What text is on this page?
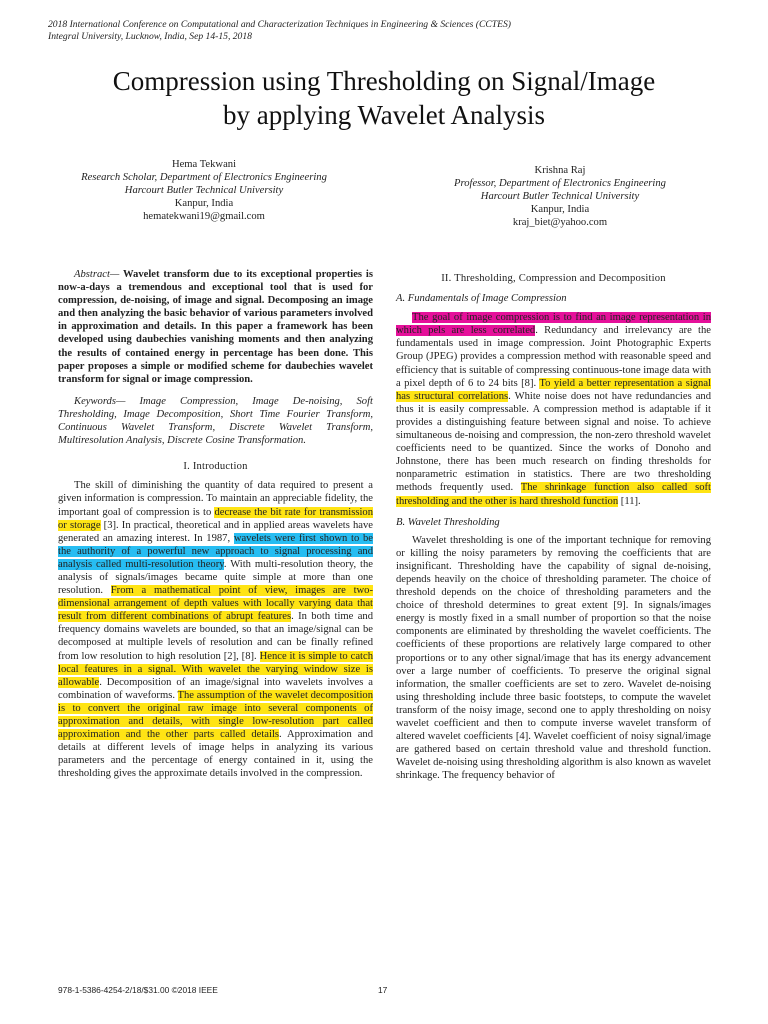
2018 International Conference on Computational and Characterization Techniques in Engineering & Sciences (CCTES)
Integral University, Lucknow, India, Sep 14-15, 2018
Compression using Thresholding on Signal/Image
by applying Wavelet Analysis
Hema Tekwani
Research Scholar, Department of Electronics Engineering
Harcourt Butler Technical University
Kanpur, India
hematekwani19@gmail.com
Krishna Raj
Professor, Department of Electronics Engineering
Harcourt Butler Technical University
Kanpur, India
kraj_biet@yahoo.com

Abstract— Wavelet transform due to its exceptional properties is now-a-days a tremendous and exceptional tool that is used for compression, de-noising, of image and signal. Decomposing an image and then analyzing the basic behavior of various parameters involved in approximation and details. In this paper a framework has been developed using daubechies vanishing moments and then analyzing the results of contained energy in percentage has been done. This paper proposes a simple or modified scheme for daubechies wavelet transform for signal or image compression.

Keywords— Image Compression, Image De-noising, Soft Thresholding, Image Decomposition, Short Time Fourier Transform, Continuous Wavelet Transform, Discrete Wavelet Transform, Multiresolution Analysis, Discrete Cosine Transformation.

I. Introduction

The skill of diminishing the quantity of data required to present a given information is compression. To maintain an appreciable fidelity, the important goal of compression is to decrease the bit rate for transmission or storage [3]. In practical, theoretical and in applied areas wavelets have generated an amazing interest. In 1987, wavelets were first shown to be the authority of a powerful new approach to signal processing and analysis called multi-resolution theory. With multi-resolution theory, the analysis of signals/images became quite simple at more than one resolution. From a mathematical point of view, images are two-dimensional arrangement of depth values with locally varying data that result from different combinations of abrupt features. In both time and frequency domains wavelets are bounded, so that an image/signal can be decomposed at multiple levels of resolution and can be finally refined from low resolution to high resolution [2], [8]. Hence it is simple to catch local features in a signal. With wavelet the varying window size is allowable. Decomposition of an image/signal into wavelets involves a combination of waveforms. The assumption of the wavelet decomposition is to convert the original raw image into several components of approximation and details, with single low-resolution part called approximation and the other parts called details. Approximation and details at different levels of image helps in analyzing its various parameters and the percentage of energy contained in it, using the thresholding gives the approximate details involved in the compression.

II. Thresholding, Compression and Decomposition
A. Fundamentals of Image Compression

The goal of image compression is to find an image representation in which pels are less correlated. Redundancy and irrelevancy are the fundamentals used in image compression. Joint Photographic Experts Group (JPEG) provides a compression method with reasonable speed and efficiency that is suitable of compressing continuous-tone image data with a pixel depth of 6 to 24 bits [8]. To yield a better representation a signal has structural correlations. White noise does not have redundancies and thus it is easily compressable. A compression method is adaptable if it provides a distinguishing feature between signal and noise. To achieve simultaneous de-noising and compression, the non-zero threshold wavelet coefficients need to be quantized. Since the works of Donoho and Johnstone, there has been much research on finding thresholds for nonparametric estimation in statistics. There are two thresholding methods frequently used. The shrinkage function also called soft thresholding and the other is hard threshold function [11].

B. Wavelet Thresholding

Wavelet thresholding is one of the important technique for removing or killing the noisy parameters by removing the coefficients that are insignificant. Thresholding have the capability of signal de-noising, depends heavily on the choice of thresholding parameter. The choice of threshold depends on the choice of thresholding parameters and the choice of threshold determines to great extent [9]. In signals/images energy is mostly fixed in a small number of proportion so that the noise components are eliminated by thresholding the wavelet coefficients. The coefficients of these proportions are relatively large compared to other proportions or to any other signal/image that has its energy advancement over a large number of coefficients. To preserve the original signal information, the smaller coefficients are set to zero. Wavelet de-noising using thresholding include three basic footsteps, to compute the wavelet transform of the noisy image, second one to apply thresholding on noisy wavelet coefficient and then to compute inverse wavelet transform of altered wavelet coefficients [4]. Wavelet coefficient of noisy signal/image are gathered based on certain threshold value and threshold function. Wavelet de-noising using thresholding algorithm is also known as wavelet shrinkage. The frequency behavior of

978-1-5386-4254-2/18/$31.00 ©2018 IEEE	17
